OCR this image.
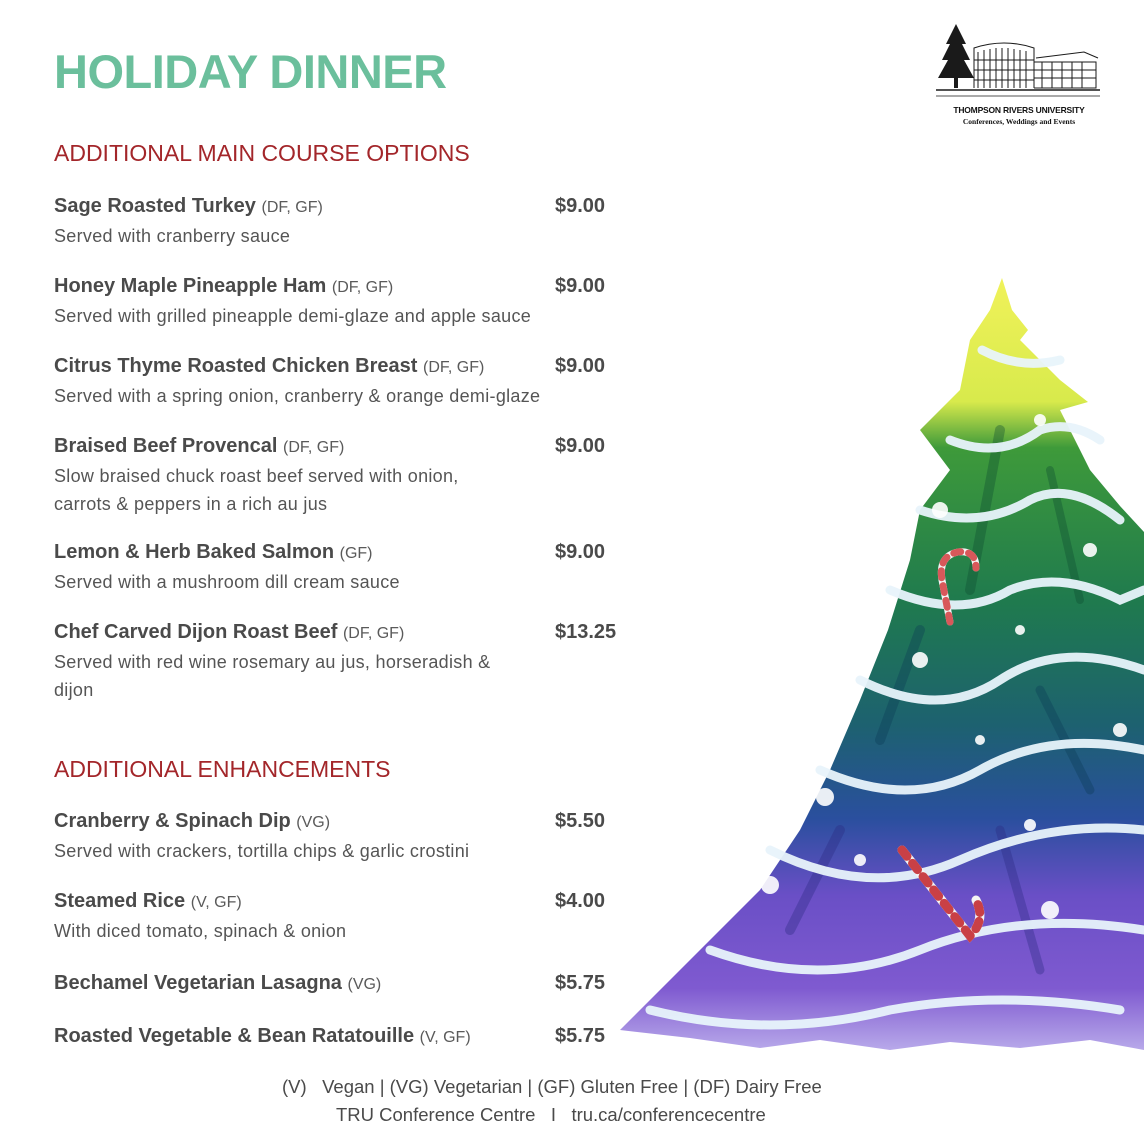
HOLIDAY DINNER
THOMPSON RIVERS UNIVERSITY
Conferences, Weddings and Events
ADDITIONAL MAIN COURSE OPTIONS
Sage Roasted Turkey (DF, GF)	$9.00
Served with cranberry sauce
Honey Maple Pineapple Ham (DF, GF)	$9.00
Served with grilled pineapple demi-glaze and apple sauce
Citrus Thyme Roasted Chicken Breast (DF, GF)	$9.00
Served with a spring onion, cranberry & orange demi-glaze
Braised Beef Provencal (DF, GF)	$9.00
Slow braised chuck roast beef served with onion, carrots & peppers in a rich au jus
Lemon & Herb Baked Salmon (GF)	$9.00
Served with a mushroom dill cream sauce
Chef Carved Dijon Roast Beef (DF, GF)	$13.25
Served with red wine rosemary au jus, horseradish & dijon
ADDITIONAL ENHANCEMENTS
Cranberry & Spinach Dip (VG)	$5.50
Served with crackers, tortilla chips & garlic crostini
Steamed Rice (V, GF)	$4.00
With diced tomato, spinach & onion
Bechamel Vegetarian Lasagna (VG)	$5.75
Roasted Vegetable & Bean Ratatouille (V, GF)	$5.75
(V)   Vegan | (VG) Vegetarian | (GF) Gluten Free | (DF) Dairy Free
TRU Conference Centre   I   tru.ca/conferencecentre
